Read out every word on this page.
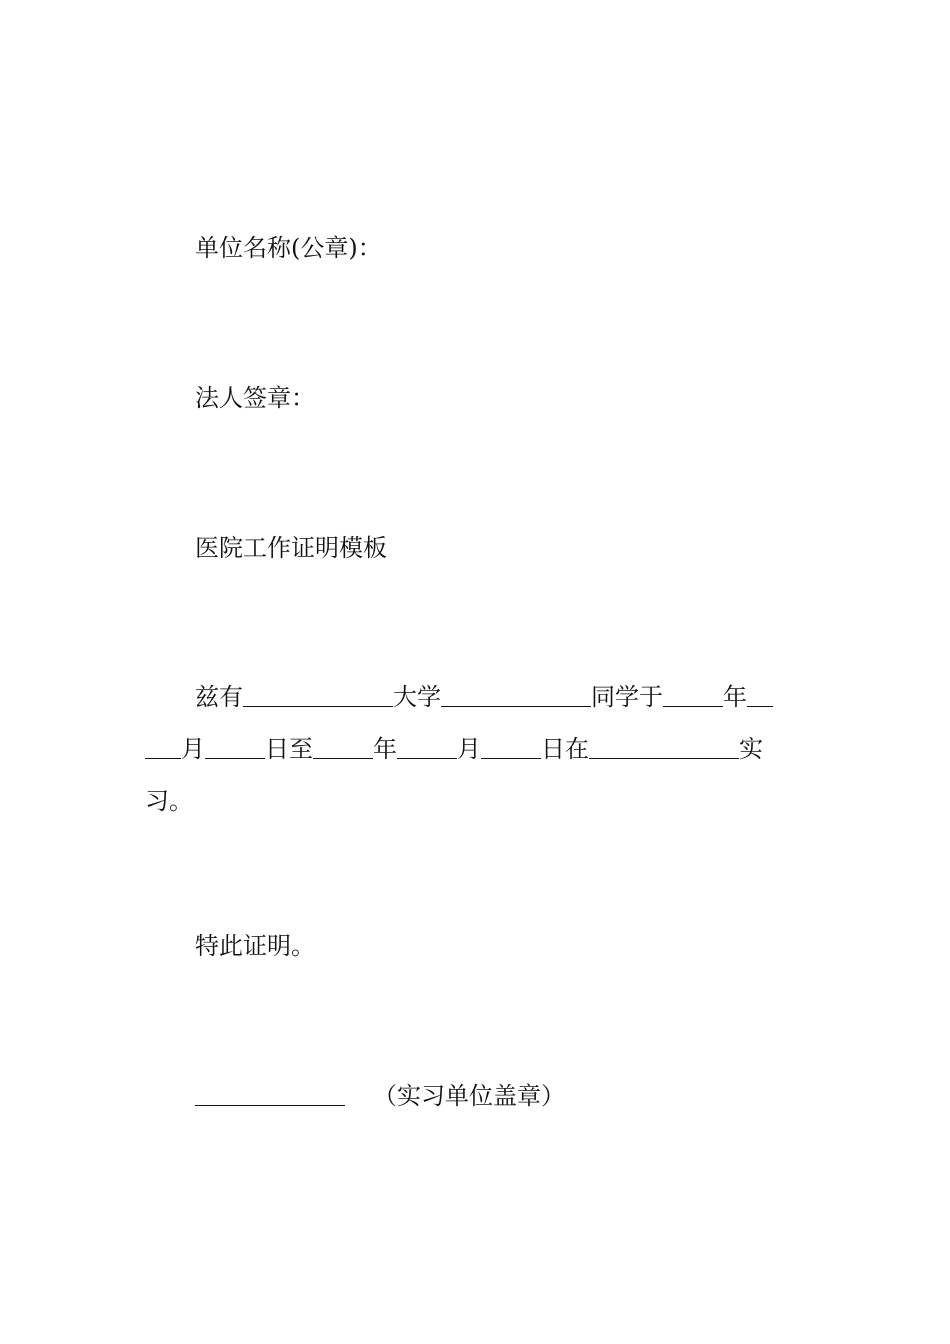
单位名称(公章)：

法人签章：

医院工作证明模板

兹有	大学	同学于	年
月	日至	年	月	日在	实
习。

特此证明。

（实习单位盖章）
